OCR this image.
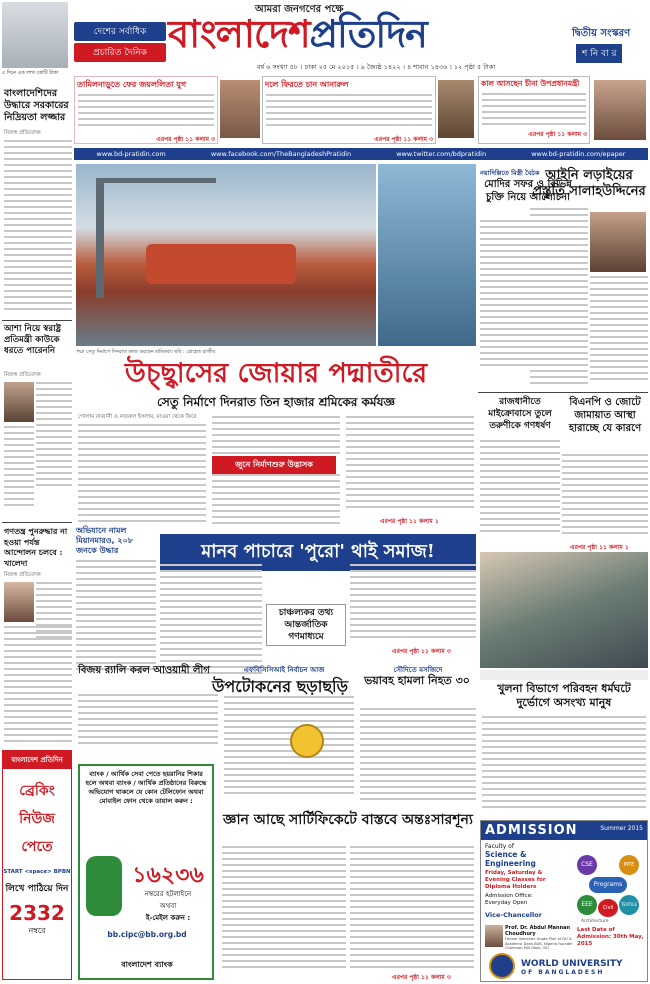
৫ দিনে এক লাখ কোটি টাকা
আমরা জনগণের পক্ষে
দেশের সর্বাধিক
প্রচারিত দৈনিক বাংলাদেশপ্রতিদিন	দ্বিতীয় সংস্করণ
শ নি বা র
বর্ষ ৬ সংখ্যা ৫৮ । ঢাকা ২৫ মে ২০১৫ । ৯ জ্যৈষ্ঠ ১৪২২ । ৪ শাবান ১৪৩৬ । ১২ পৃষ্ঠা ৫ টাকা
তামিলনাড়ুতে ফের জয়ললিতা যুগ
এরপর পৃষ্ঠা ১১ কলাম ৩
দলে ফিরতে চান আনারুল
এরপর পৃষ্ঠা ১১ কলাম ৩
কাল আসছেন চীনা উপপ্রধানমন্ত্রী
এরপর পৃষ্ঠা ১১ কলাম ৩
www.bd-pratidin.com	www.facebook.com/TheBangladeshPratidin	www.twitter.com/bdpratidin	www.bd-pratidin.com/epaper
বাংলাদেশিদের উদ্ধারে সরকারের নিদ্রিয়তা লজ্জার
নিজস্ব প্রতিবেদক
আশা নিয়ে স্বরাষ্ট্র প্রতিমন্ত্রী কাউকে ধরতে পারেননি
নিজস্ব প্রতিবেদক
গণতন্ত্র পুনরুদ্ধার না হওয়া পর্যন্ত আন্দোলন চলবে : খালেদা
নিজস্ব প্রতিবেদক
বাংলাদেশ প্রতিদিন
ব্রেকিং
নিউজ
পেতে
START <space> BPBN
লিখে পাঠিয়ে দিন
2332
নম্বরে
পদ্মা সেতু নির্মাণে দিনরাত কাজ করছেন শ্রমিকরা। ছবি : রোহেত রাজীব
উচ্ছ্বাসের জোয়ার পদ্মাতীরে
সেতু নির্মাণে দিনরাত তিন হাজার শ্রমিকের কর্মযজ্ঞ
গোলাম রাব্বানী ও নজরুল ইসলাম, মাওয়া থেকে ফিরে
জুনে নির্মাণশুরু উদ্ভাসক
এরপর পৃষ্ঠা ১১ কলাম ১
নয়াদিল্লিতে মিস্ত্রী বৈঠক
মোদির সফর ও বিভিন্ন চুক্তি নিয়ে আলোচনা
আইনি লড়াইয়ের প্রস্তুতি সালাহউদ্দিনের
রাজধানীতে মাইক্রোবাসে তুলে তরুণীকে গণধর্ষণ
বিএনপি ও জোটে জামায়াত আস্থা হারাচ্ছে যে কারণে
এরপর পৃষ্ঠা ১১ কলাম ১
অভিযানে নামল মিয়ানমারও, ২০৮ জনকে উদ্ধার	মানব পাচারে 'পুরো' থাই সমাজ!
চাঞ্চল্যকর তথ্য আন্তর্জাতিক গণমাধ্যমে
এরপর পৃষ্ঠা ১১ কলাম ৩
বিজয় র‍্যালি করল আওয়ামী লীগ	এফবিসিসিআই নির্বাচন আজ
উপটোকনের ছড়াছড়ি
সৌদিতে মসজিদে
ভয়াবহ হামলা নিহত ৩০
খুলনা বিভাগে পরিবহন ধর্মঘটে দুর্ভোগে অসংখ্য মানুষ
ব্যাংক / আর্থিক সেবা পেতে হয়রানির শিকার হলে অথবা ব্যাংক / আর্থিক প্রতিষ্ঠানের বিরুদ্ধে অভিযোগ থাকলে যে কোন টেলিফোন অথবা মোবাইল ফোন থেকে ডায়াল করুন :
১৬২৩৬
নম্বরের হটলাইনে
অথবা
ই-মেইল করুন :
bb.cipc@bb.org.bd
বাংলাদেশ ব্যাংক
জ্ঞান আছে সার্টিফিকেটে বাস্তবে অন্তঃসারশূন্য
এরপর পৃষ্ঠা ১১ কলাম ৩
ADMISSION	Summer 2015
Faculty of
Science & Engineering
Friday, Saturday & Evening Classes for Diploma Holders
Admission Office: Everyday Open
Programs
CSE	MTE
EEE	Civil
TEXTILE
Architecture
Last Date of Admission: 30th May, 2015
Vice-Chancellor
Prof. Dr. Abdul Mannan Choudhury
Former Selection Grade Prof. of DU & Academic Dean-BUK, Nigeria Founder Chairman-MIS Dept., DU
WORLD UNIVERSITY
OF BANGLADESH
